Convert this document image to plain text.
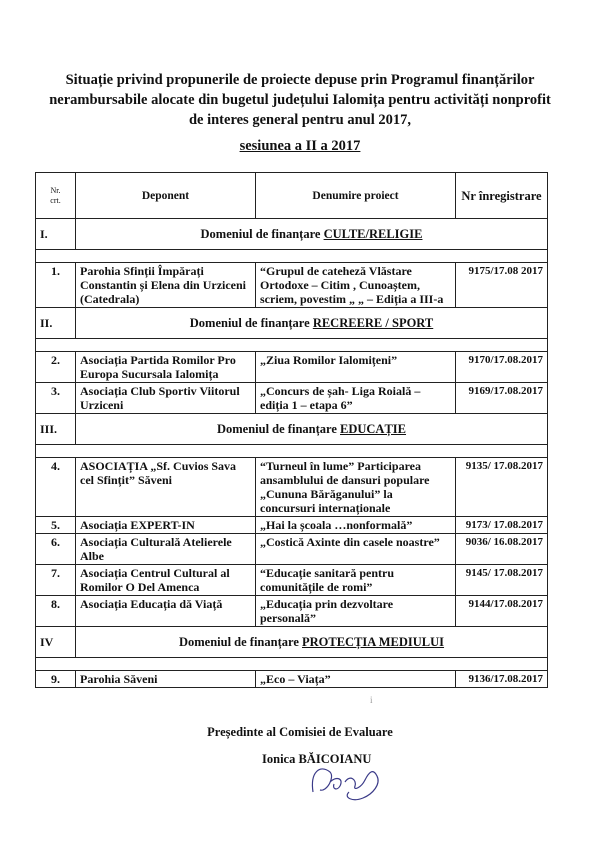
Situație privind propunerile de proiecte depuse prin Programul finanțărilor
nerambursabile alocate din bugetul județului Ialomița pentru activități nonprofit
de interes general pentru anul 2017,
sesiunea a II a 2017
Nr.
crt.	Deponent	Denumire proiect	Nr înregistrare
I.	Domeniul de finanțare CULTE/RELIGIE		

1.	Parohia Sfinții Împărați Constantin și Elena din Urziceni (Catedrala)	“Grupul de cateheză Vlăstare Ortodoxe – Citim , Cunoaștem, scriem, povestim „ „ – Ediția a III-a	9175/17.08 2017
II.	Domeniul de finanțare RECREERE / SPORT		

2.	Asociația Partida Romilor Pro Europa Sucursala Ialomița	„Ziua Romilor Ialomițeni”	9170/17.08.2017
3.	Asociația Club Sportiv Viitorul Urziceni	„Concurs de șah- Liga Roială – ediția 1 – etapa 6”	9169/17.08.2017
III.	Domeniul de finanțare EDUCAȚIE		

4.	ASOCIAȚIA „Sf. Cuvios Sava cel Sfințit” Săveni	“Turneul în lume” Participarea ansamblului de dansuri populare „Cununa Bărăganului” la concursuri internaționale	9135/ 17.08.2017
5.	Asociația EXPERT-IN	„Hai la școala …nonformală”	9173/ 17.08.2017
6.	Asociația Culturală Atelierele Albe	„Costică Axinte din casele noastre”	9036/ 16.08.2017
7.	Asociația Centrul Cultural al Romilor O Del Amenca	“Educație sanitară pentru comunitățile de romi”	9145/ 17.08.2017
8.	Asociația Educația dă Viață	„Educația prin dezvoltare personală”	9144/17.08.2017
IV	Domeniul de finanțare PROTECȚIA MEDIULUI		

9.	Parohia Săveni	„Eco – Viața”	9136/17.08.2017
i
Președinte al Comisiei de Evaluare
Ionica BĂICOIANU
